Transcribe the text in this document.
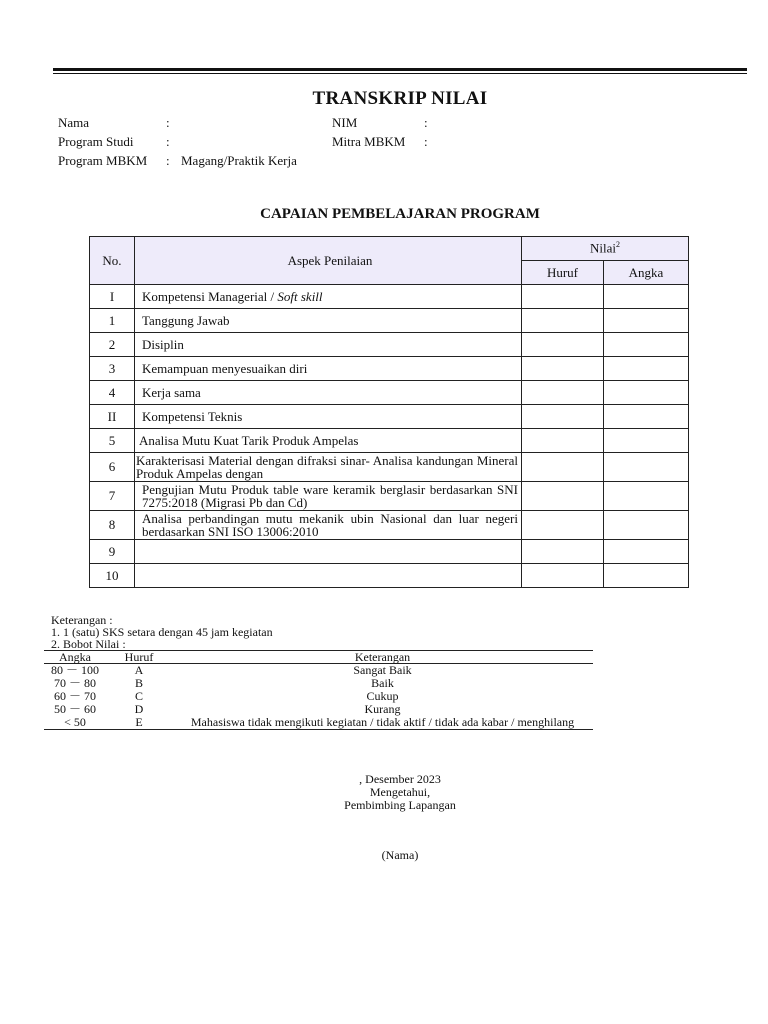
TRANSKRIP NILAI
Nama	:
Program Studi	:
Program MBKM : Magang/Praktik Kerja
NIM	:
Mitra MBKM :
CAPAIAN PEMBELAJARAN PROGRAM
No.	Aspek Penilaian	Nilai$^2$
		Huruf	Angka
I	Kompetensi Managerial / Soft skill		
1	Tanggung Jawab		
2	Disiplin		
3	Kemampuan menyesuaikan diri		
4	Kerja sama		
II	Kompetensi Teknis		
5	Analisa Mutu Kuat Tarik Produk Ampelas		
6	Karakterisasi Material dengan difraksi sinar- Analisa kandungan Mineral Produk Ampelas dengan		
7	Pengujian Mutu Produk table ware keramik berglasir berdasarkan SNI 7275:2018 (Migrasi Pb dan Cd)		
8	Analisa perbandingan mutu mekanik ubin Nasional dan luar negeri berdasarkan SNI ISO 13006:2010		
9			
10			
Keterangan :
1. 1 (satu) SKS setara dengan 45 jam kegiatan
2. Bobot Nilai :
Angka	Huruf	Keterangan
80 － 100	A	Sangat Baik
70 － 80	B	Baik
60 － 70	C	Cukup
50 － 60	D	Kurang
< 50	E	Mahasiswa tidak mengikuti kegiatan / tidak aktif / tidak ada kabar / menghilang
, Desember 2023
Mengetahui,
Pembimbing Lapangan
(Nama)
